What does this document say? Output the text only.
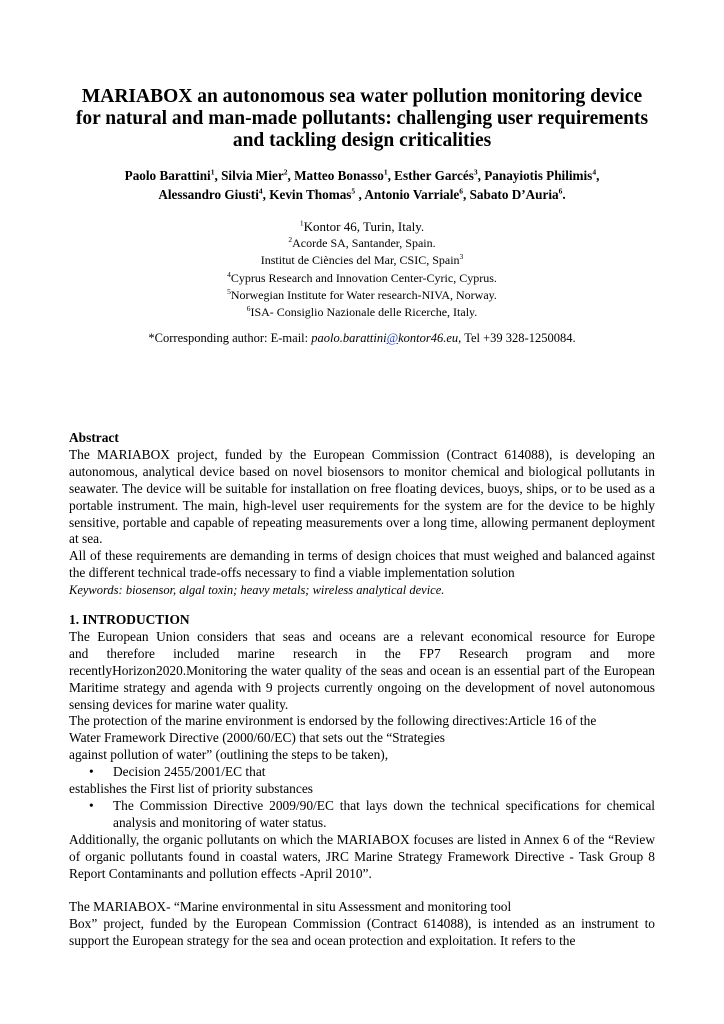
MARIABOX an autonomous sea water pollution monitoring device
for natural and man-made pollutants: challenging user requirements
and tackling design criticalities
Paolo Barattini$^1$, Silvia Mier$^2$, Matteo Bonasso$^1$, Esther Garcés$^3$, Panayiotis Philimis$^4$,
Alessandro Giusti$^4$, Kevin Thomas$^5$ , Antonio Varriale$^6$, Sabato D’Auria$^6$.
$^1$Kontor 46, Turin, Italy.
$^2$Acorde SA, Santander, Spain.
Institut de Ciències del Mar, CSIC, Spain$^3$
$^4$Cyprus Research and Innovation Center-Cyric, Cyprus.
$^5$Norwegian Institute for Water research-NIVA, Norway.
$^6$ISA- Consiglio Nazionale delle Ricerche, Italy.
*Corresponding author: E-mail: paolo.barattini@kontor46.eu, Tel +39 328-1250084.
Abstract
The MARIABOX project, funded by the European Commission (Contract 614088), is developing an autonomous, analytical device based on novel biosensors to monitor chemical and biological pollutants in seawater. The device will be suitable for installation on free floating devices, buoys, ships, or to be used as a portable instrument. The main, high-level user requirements for the system are for the device to be highly sensitive, portable and capable of repeating measurements over a long time, allowing permanent deployment at sea.
All of these requirements are demanding in terms of design choices that must weighed and balanced against the different technical trade-offs necessary to find a viable implementation solution
Keywords: biosensor, algal toxin; heavy metals; wireless analytical device.
1. INTRODUCTION
The European Union considers that seas and oceans are a relevant economical resource for Europe
and therefore included marine research in the FP7 Research program and more
recentlyHorizon2020.Monitoring the water quality of the seas and ocean is an essential part of the European Maritime strategy and agenda with 9 projects currently ongoing on the development of novel autonomous sensing devices for marine water quality.
The protection of the marine environment is endorsed by the following directives:Article 16 of the
Water Framework Directive (2000/60/EC) that sets out the “Strategies
against pollution of water” (outlining the steps to be taken),
• Decision 2455/2001/EC that
establishes the First list of priority substances
• The Commission Directive 2009/90/EC that lays down the technical specifications for chemical analysis and monitoring of water status.
Additionally, the organic pollutants on which the MARIABOX focuses are listed in Annex 6 of the “Review of organic pollutants found in coastal waters, JRC Marine Strategy Framework Directive - Task Group 8 Report Contaminants and pollution effects -April 2010”.
The MARIABOX- “Marine environmental in situ Assessment and monitoring tool
Box” project, funded by the European Commission (Contract 614088), is intended as an instrument to support the European strategy for the sea and ocean protection and exploitation. It refers to the
